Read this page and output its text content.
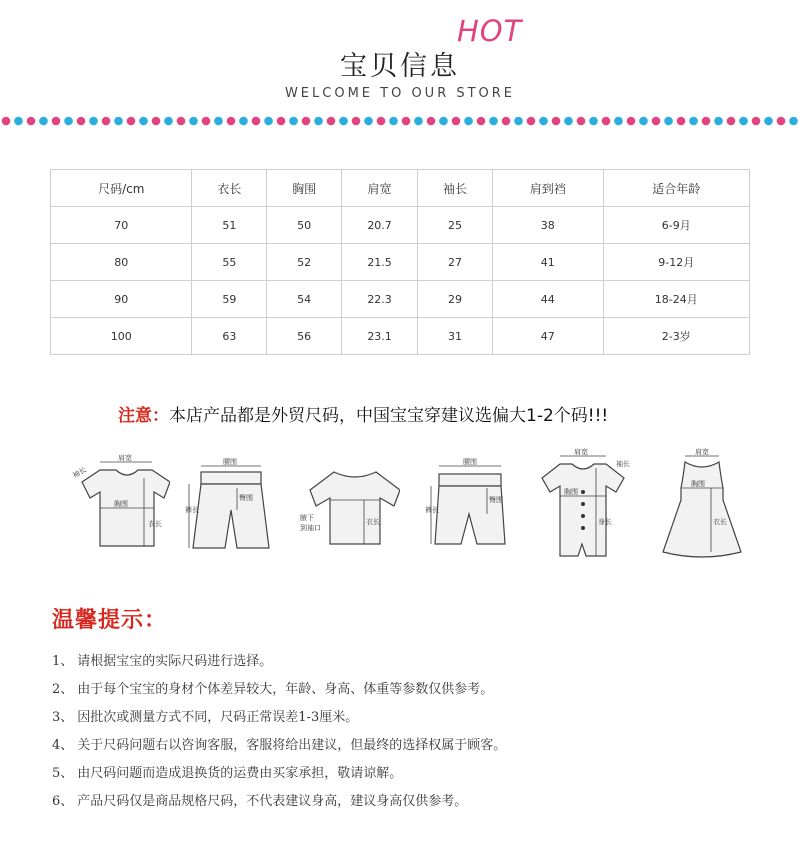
HOT
宝贝信息
WELCOME TO OUR STORE
尺码/cm	衣长	胸围	肩宽	袖长	肩到裆	适合年龄
70	51	50	20.7	25	38	6-9月
80	55	52	21.5	27	41	9-12月
90	59	54	22.3	29	44	18-24月
100	63	56	23.1	31	47	2-3岁
注意：本店产品都是外贸尺码，中国宝宝穿建议选偏大1-2个码!!!
肩宽
袖长
胸围
衣长
腰围
裤长
臀围
腋下
到袖口
衣长
腰围
裤长
臀围
肩宽
袖长
胸围
身长
肩宽
胸围
衣长
温馨提示：
1、 请根据宝宝的实际尺码进行选择。
2、 由于每个宝宝的身材个体差异较大，年龄、身高、体重等参数仅供参考。
3、 因批次或测量方式不同，尺码正常误差1-3厘米。
4、 关于尺码问题右以咨询客服，客服将给出建议，但最终的选择权属于顾客。
5、 由尺码问题而造成退换货的运费由买家承担，敬请谅解。
6、 产品尺码仅是商品规格尺码，不代表建议身高，建议身高仅供参考。
